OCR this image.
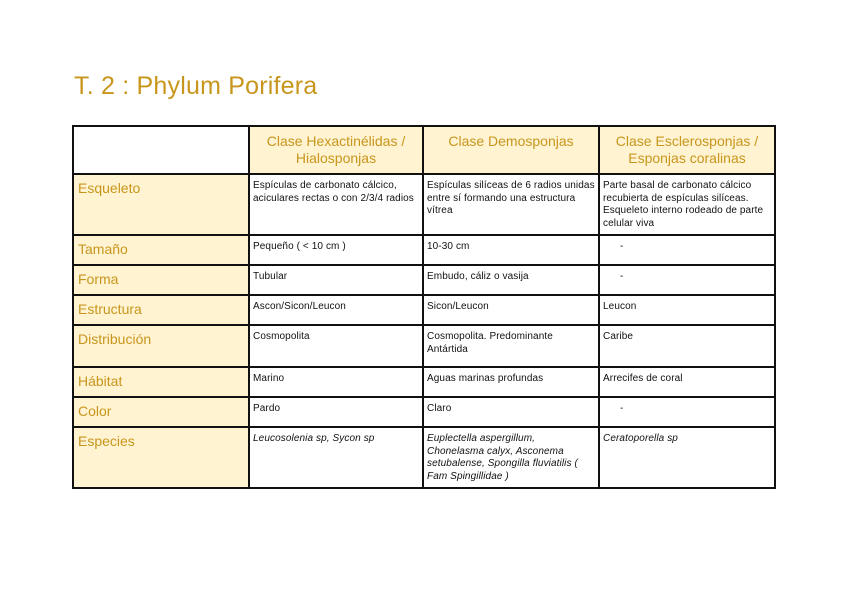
T. 2 : Phylum Porifera
	Clase Hexactinélidas / Hialosponjas	Clase Demosponjas	Clase Esclerosponjas / Esponjas coralinas
Esqueleto	Espículas de carbonato cálcico, aciculares rectas o con 2/3/4 radios	Espículas silíceas de 6 radios unidas entre sí formando una estructura vítrea	Parte basal de carbonato cálcico recubierta de espículas silíceas. Esqueleto interno rodeado de parte celular viva
Tamaño	Pequeño ( < 10 cm )	10-30 cm	-
Forma	Tubular	Embudo, cáliz o vasija	-
Estructura	Ascon/Sicon/Leucon	Sicon/Leucon	Leucon
Distribución	Cosmopolita	Cosmopolita. Predominante Antártida	Caribe
Hábitat	Marino	Aguas marinas profundas	Arrecifes de coral
Color	Pardo	Claro	-
Especies	Leucosolenia sp, Sycon sp	Euplectella aspergillum, Chonelasma calyx, Asconema setubalense, Spongilla fluviatilis ( Fam Spingillidae )	Ceratoporella sp
